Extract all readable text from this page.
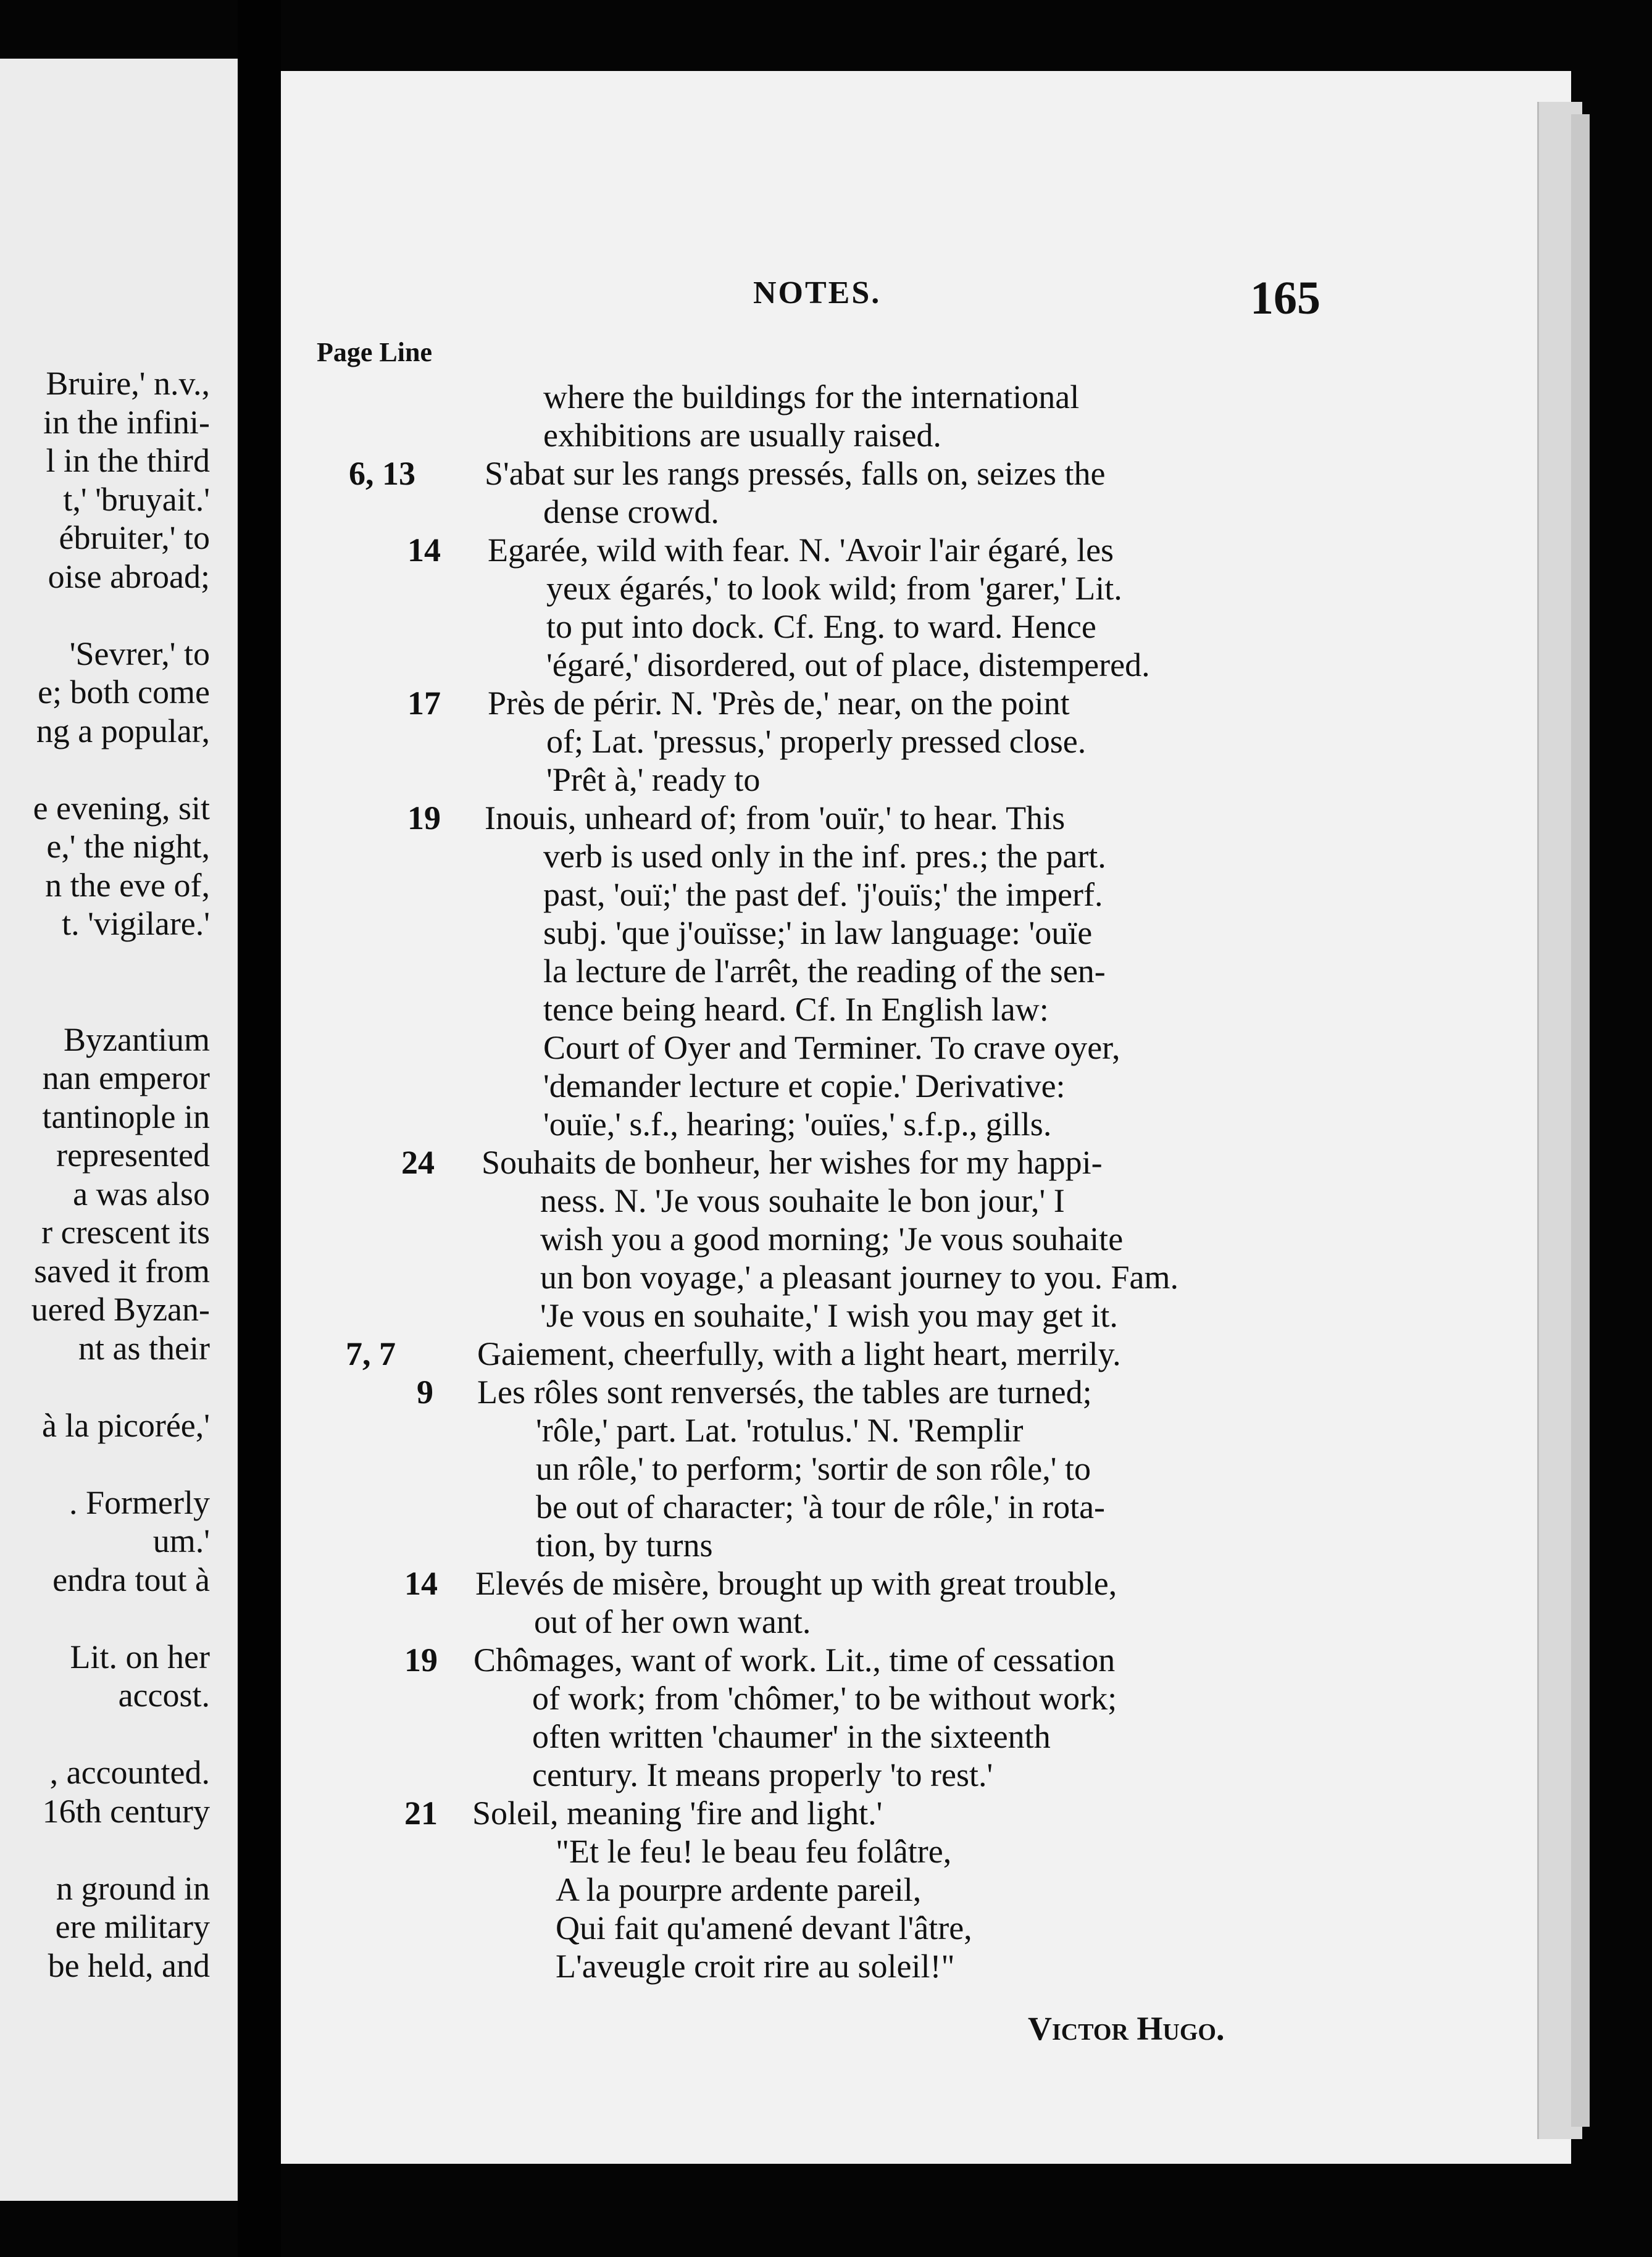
Bruire,' n.v.,
in the infini-
l in the third
t,' 'bruyait.'
ébruiter,' to
oise abroad;
'Sevrer,' to
e; both come
ng a popular,
e evening, sit
e,' the night,
n the eve of,
t. 'vigilare.'
Byzantium
nan emperor
tantinople in
represented
a was also
r crescent its
saved it from
uered Byzan-
nt as their
à la picorée,'
. Formerly
um.'
endra tout à
Lit. on her
accost.
, accounted.
16th century
n ground in
ere military
be held, and
NOTES.	165
Page Line
where the buildings for the international
exhibitions are usually raised.
6, 13 S'abat sur les rangs pressés, falls on, seizes the
dense crowd.
14 Egarée, wild with fear. N. 'Avoir l'air égaré, les
yeux égarés,' to look wild; from 'garer,' Lit.
to put into dock. Cf. Eng. to ward. Hence
'égaré,' disordered, out of place, distempered.
17 Près de périr. N. 'Près de,' near, on the point
of; Lat. 'pressus,' properly pressed close.
'Prêt à,' ready to
19 Inouis, unheard of; from 'ouïr,' to hear. This
verb is used only in the inf. pres.; the part.
past, 'ouï;' the past def. 'j'ouïs;' the imperf.
subj. 'que j'ouïsse;' in law language: 'ouïe
la lecture de l'arrêt, the reading of the sen-
tence being heard. Cf. In English law:
Court of Oyer and Terminer. To crave oyer,
'demander lecture et copie.' Derivative:
'ouïe,' s.f., hearing; 'ouïes,' s.f.p., gills.
24 Souhaits de bonheur, her wishes for my happi-
ness. N. 'Je vous souhaite le bon jour,' I
wish you a good morning; 'Je vous souhaite
un bon voyage,' a pleasant journey to you. Fam.
'Je vous en souhaite,' I wish you may get it.
7, 7 Gaiement, cheerfully, with a light heart, merrily.
9 Les rôles sont renversés, the tables are turned;
'rôle,' part. Lat. 'rotulus.' N. 'Remplir
un rôle,' to perform; 'sortir de son rôle,' to
be out of character; 'à tour de rôle,' in rota-
tion, by turns
14 Elevés de misère, brought up with great trouble,
out of her own want.
19 Chômages, want of work. Lit., time of cessation
of work; from 'chômer,' to be without work;
often written 'chaumer' in the sixteenth
century. It means properly 'to rest.'
21 Soleil, meaning 'fire and light.'
"Et le feu! le beau feu folâtre,
A la pourpre ardente pareil,
Qui fait qu'amené devant l'âtre,
L'aveugle croit rire au soleil!"
Victor Hugo.
